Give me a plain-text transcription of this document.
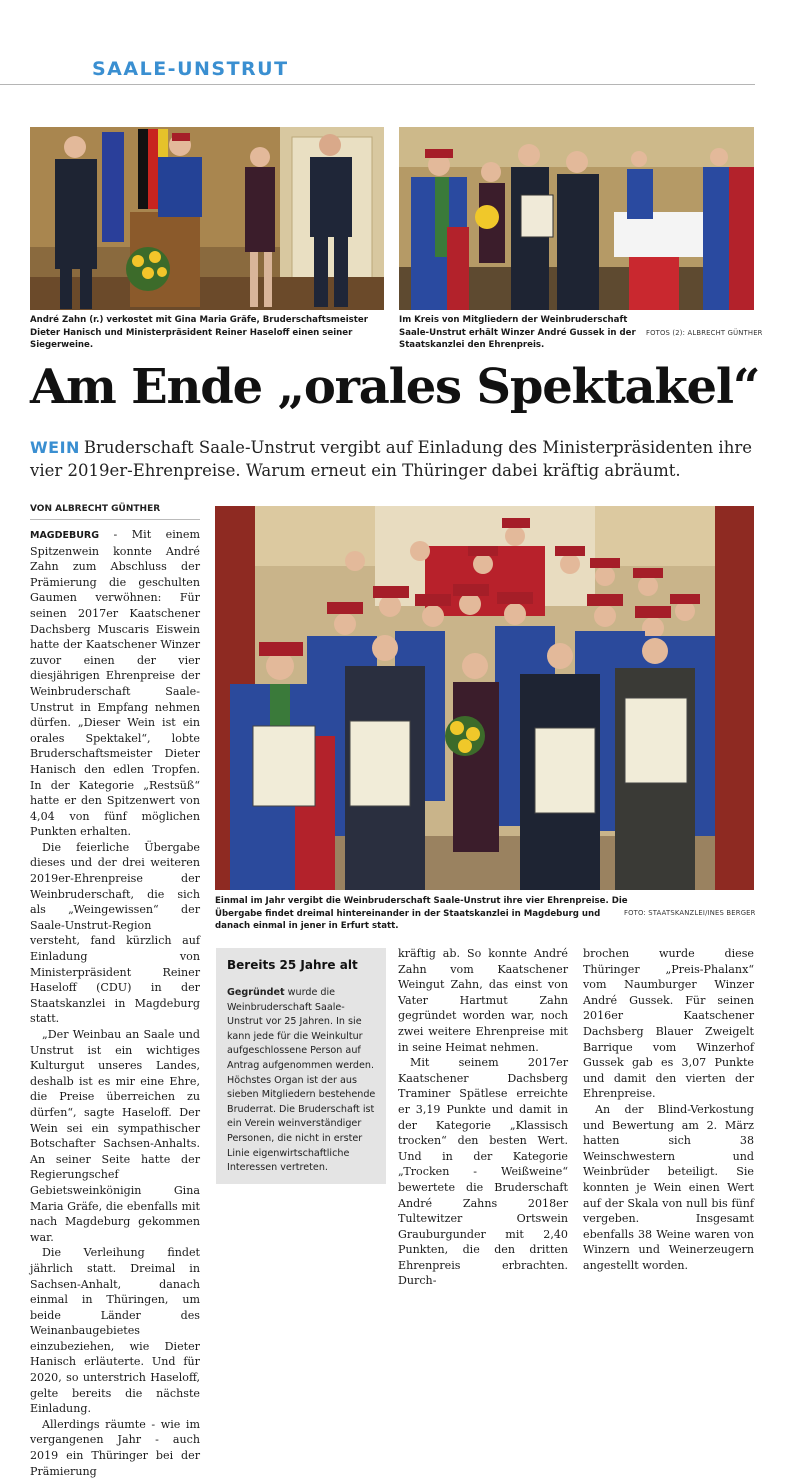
SAALE-UNSTRUT
André Zahn (r.) verkostet mit Gina Maria Gräfe, Bruderschaftsmeister Dieter Hanisch und Ministerpräsident Reiner Haseloff einen seiner Siegerweine.
Im Kreis von Mitgliedern der Weinbruderschaft Saale-Unstrut erhält Winzer André Gussek in der Staatskanzlei den Ehrenpreis.
FOTOS (2): ALBRECHT GÜNTHER
Am Ende „orales Spektakel“
WEIN Bruderschaft Saale-Unstrut vergibt auf Einladung des Ministerpräsidenten ihre vier 2019er-Ehrenpreise. Warum erneut ein Thüringer dabei kräftig abräumt.
VON ALBRECHT GÜNTHER

MAGDEBURG - Mit einem Spitzenwein konnte André Zahn zum Abschluss der Prämierung die geschulten Gaumen verwöhnen: Für seinen 2017er Kaatschener Dachsberg Muscaris Eiswein hatte der Kaatschener Winzer zuvor einen der vier diesjährigen Ehrenpreise der Weinbruderschaft Saale-Unstrut in Empfang nehmen dürfen. „Dieser Wein ist ein orales Spektakel“, lobte Bruderschaftsmeister Dieter Hanisch den edlen Tropfen. In der Kategorie „Restsüß“ hatte er den Spitzenwert von 4,04 von fünf möglichen Punkten erhalten.

Die feierliche Übergabe dieses und der drei weiteren 2019er-Ehrenpreise der Weinbruderschaft, die sich als „Weingewissen“ der Saale-Unstrut-Region versteht, fand kürzlich auf Einladung von Ministerpräsident Reiner Haseloff (CDU) in der Staatskanzlei in Magdeburg statt.

„Der Weinbau an Saale und Unstrut ist ein wichtiges Kulturgut unseres Landes, deshalb ist es mir eine Ehre, die Preise überreichen zu dürfen“, sagte Haseloff. Der Wein sei ein sympathischer Botschafter Sachsen-Anhalts. An seiner Seite hatte der Regierungschef Gebietsweinkönigin Gina Maria Gräfe, die ebenfalls mit nach Magdeburg gekommen war.

Die Verleihung findet jährlich statt. Dreimal in Sachsen-Anhalt, danach einmal in Thüringen, um beide Länder des Weinanbaugebietes einzubeziehen, wie Dieter Hanisch erläuterte. Und für 2020, so unterstrich Haseloff, gelte bereits die nächste Einladung.

Allerdings räumte - wie im vergangenen Jahr - auch 2019 ein Thüringer bei der Prämierung

Einmal im Jahr vergibt die Weinbruderschaft Saale-Unstrut ihre vier Ehrenpreise. Die Übergabe findet dreimal hintereinander in der Staatskanzlei in Magdeburg und danach einmal in jener in Erfurt statt.
FOTO: STAATSKANZLEI/INES BERGER
Bereits 25 Jahre alt
Gegründet wurde die Weinbruderschaft Saale-Unstrut vor 25 Jahren. In sie kann jede für die Weinkultur aufgeschlossene Person auf Antrag aufgenommen werden. Höchstes Organ ist der aus sieben Mitgliedern bestehende Bruderrat. Die Bruderschaft ist ein Verein weinverständiger Personen, die nicht in erster Linie eigenwirtschaftliche Interessen vertreten.

kräftig ab. So konnte André Zahn vom Kaatschener Weingut Zahn, das einst von Vater Hartmut Zahn gegründet worden war, noch zwei weitere Ehrenpreise mit in seine Heimat nehmen.

Mit seinem 2017er Kaatschener Dachsberg Traminer Spätlese erreichte er 3,19 Punkte und damit in der Kategorie „Klassisch trocken“ den besten Wert. Und in der Kategorie „Trocken - Weißweine“ bewertete die Bruderschaft André Zahns 2018er Tultewitzer Ortswein Grauburgunder mit 2,40 Punkten, die den dritten Ehrenpreis erbrachten. Durch-

brochen wurde diese Thüringer „Preis-Phalanx“ vom Naumburger Winzer André Gussek. Für seinen 2016er Kaatschener Dachsberg Blauer Zweigelt Barrique vom Winzerhof Gussek gab es 3,07 Punkte und damit den vierten der Ehrenpreise.

An der Blind-Verkostung und Bewertung am 2. März hatten sich 38 Weinschwestern und Weinbrüder beteiligt. Sie konnten je Wein einen Wert auf der Skala von null bis fünf vergeben. Insgesamt ebenfalls 38 Weine waren von Winzern und Weinerzeugern angestellt worden.
